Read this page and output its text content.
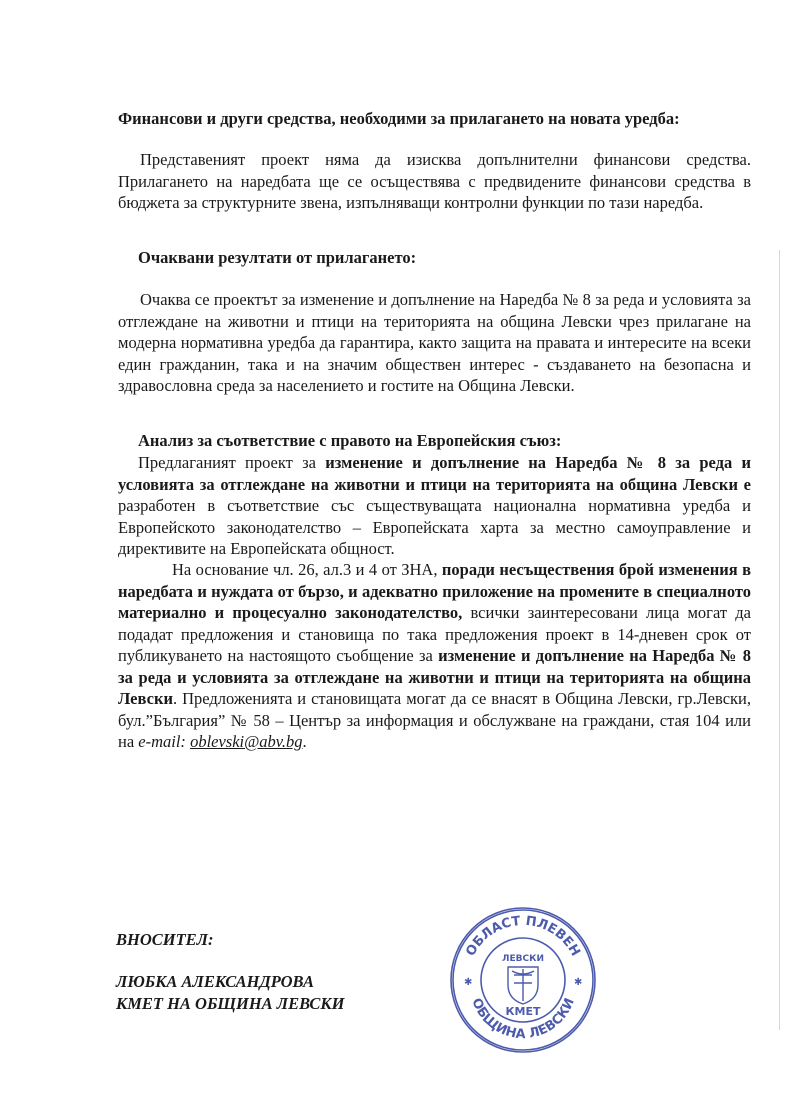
Финансови и други средства, необходими за прилагането на новата уредба:
Представеният проект няма да изисква допълнителни финансови средства. Прилагането на наредбата ще се осъществява с предвидените финансови средства в бюджета за структурните звена, изпълняващи контролни функции по тази наредба.
Очаквани резултати от прилагането:
Очаква се проектът за изменение и допълнение на Наредба № 8 за реда и условията за отглеждане на животни и птици на територията на община Левски чрез прилагане на модерна нормативна уредба да гарантира, както защита на правата и интересите на всеки един гражданин, така и на значим обществен интерес - създаването на безопасна и здравословна среда за населението и гостите на Община Левски.
Анализ за съответствие с правото на Европейския съюз:
Предлаганият проект за изменение и допълнение на Наредба № 8 за реда и условията за отглеждане на животни и птици на територията на община Левски е разработен в съответствие със съществуващата национална нормативна уредба и Европейското законодателство – Европейската харта за местно самоуправление и директивите на Европейската общност.
На основание чл. 26, ал.3 и 4 от ЗНА, поради несъществения брой изменения в наредбата и нуждата от бързо, и адекватно приложение на промените в специалното материално и процесуално законодателство, всички заинтересовани лица могат да подадат предложения и становища по така предложения проект в 14-дневен срок от публикуването на настоящото съобщение за изменение и допълнение на Наредба № 8 за реда и условията за отглеждане на животни и птици на територията на община Левски. Предложенията и становищата могат да се внасят в Община Левски, гр.Левски, бул.”България” № 58 – Център за информация и обслужване на граждани, стая 104 или на e-mail: oblevski@abv.bg.
ВНОСИТЕЛ:
ЛЮБКА АЛЕКСАНДРОВА
КМЕТ НА ОБЩИНА ЛЕВСКИ
ОБЛАСТ ПЛЕВЕН
ОБЩИНА ЛЕВСКИ
✱	✱
ЛЕВСКИ
КМЕТ
